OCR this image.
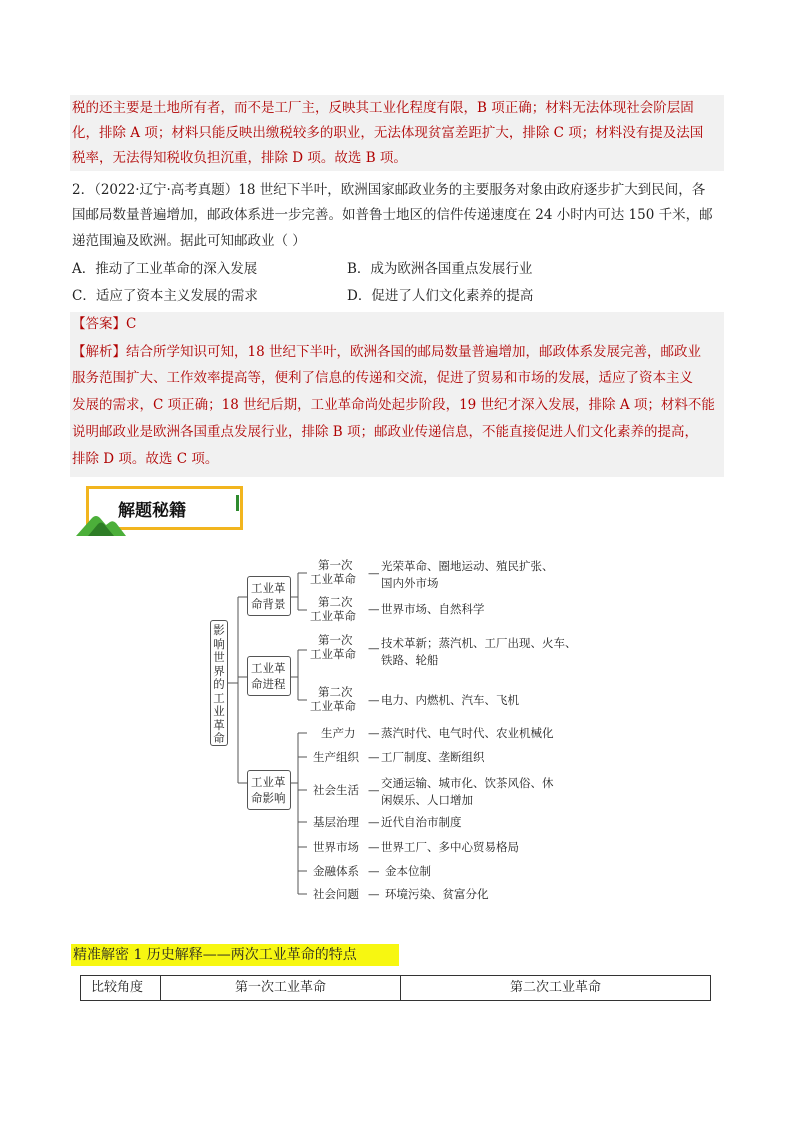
税的还主要是土地所有者，而不是工厂主，反映其工业化程度有限，B 项正确；材料无法体现社会阶层固
化，排除 A 项；材料只能反映出缴税较多的职业，无法体现贫富差距扩大，排除 C 项；材料没有提及法国
税率，无法得知税收负担沉重，排除 D 项。故选 B 项。
2．（2022·辽宁·高考真题）18 世纪下半叶，欧洲国家邮政业务的主要服务对象由政府逐步扩大到民间，各
国邮局数量普遍增加，邮政体系进一步完善。如普鲁士地区的信件传递速度在 24 小时内可达 150 千米，邮
递范围遍及欧洲。据此可知邮政业（ ）
A．推动了工业革命的深入发展	B．成为欧洲各国重点发展行业
C．适应了资本主义发展的需求	D．促进了人们文化素养的提高
【答案】C
【解析】结合所学知识可知，18 世纪下半叶，欧洲各国的邮局数量普遍增加，邮政体系发展完善，邮政业
服务范围扩大、工作效率提高等，便利了信息的传递和交流，促进了贸易和市场的发展，适应了资本主义
发展的需求，C 项正确；18 世纪后期，工业革命尚处起步阶段，19 世纪才深入发展，排除 A 项；材料不能
说明邮政业是欧洲各国重点发展行业，排除 B 项；邮政业传递信息，不能直接促进人们文化素养的提高，
排除 D 项。故选 C 项。
解题秘籍
影响世界的工业革命
工业革
命背景
工业革
命进程
工业革
命影响
第一次
工业革命 — 光荣革命、圈地运动、殖民扩张、
国内外市场
第二次
工业革命 — 世界市场、自然科学
第一次
工业革命 — 技术革新；蒸汽机、工厂出现、火车、
铁路、轮船
第二次
工业革命 — 电力、内燃机、汽车、飞机
生产力 — 蒸汽时代、电气时代、农业机械化
生产组织 — 工厂制度、垄断组织
社会生活 — 交通运输、城市化、饮茶风俗、休
闲娱乐、人口增加
基层治理 — 近代自治市制度
世界市场 — 世界工厂、多中心贸易格局
金融体系 — 金本位制
社会问题 — 环境污染、贫富分化
精准解密 1 历史解释——两次工业革命的特点
比较角度	第一次工业革命	第二次工业革命
